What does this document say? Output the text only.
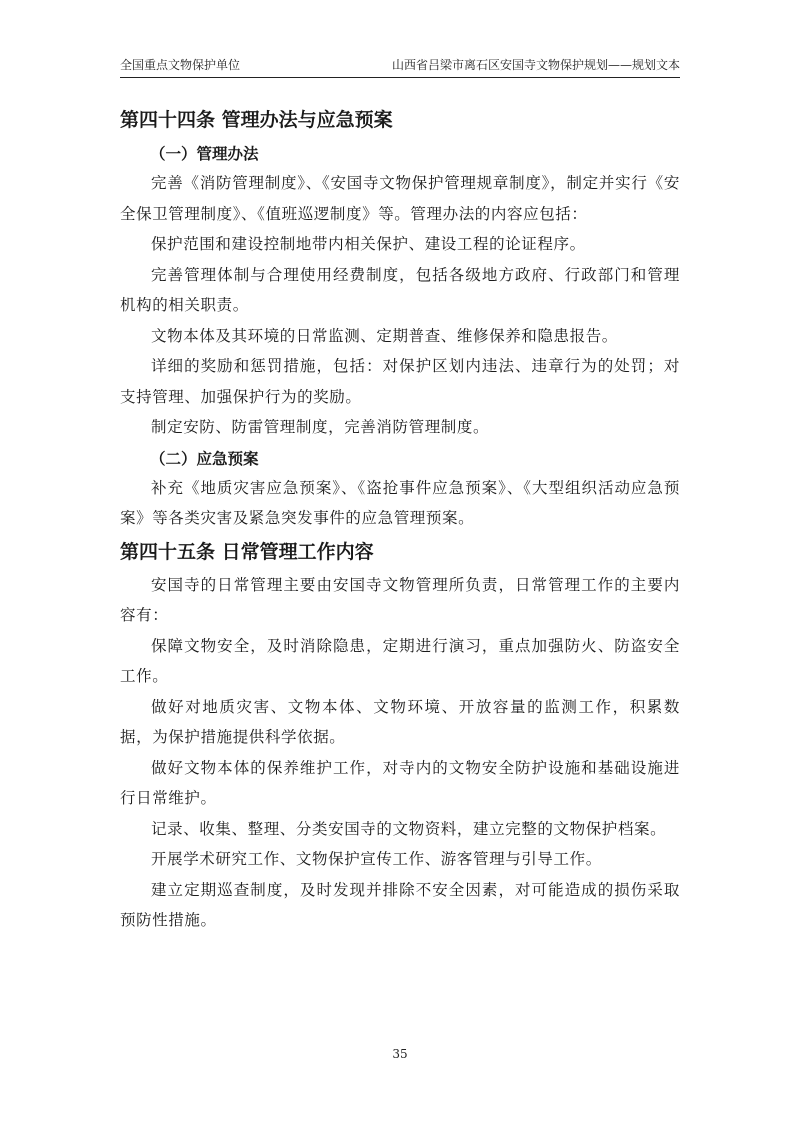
全国重点文物保护单位	山西省吕梁市离石区安国寺文物保护规划——规划文本
第四十四条 管理办法与应急预案
（一）管理办法

完善《消防管理制度》、《安国寺文物保护管理规章制度》，制定并实行《安全保卫管理制度》、《值班巡逻制度》等。管理办法的内容应包括：

保护范围和建设控制地带内相关保护、建设工程的论证程序。

完善管理体制与合理使用经费制度，包括各级地方政府、行政部门和管理机构的相关职责。

文物本体及其环境的日常监测、定期普查、维修保养和隐患报告。

详细的奖励和惩罚措施，包括：对保护区划内违法、违章行为的处罚；对支持管理、加强保护行为的奖励。

制定安防、防雷管理制度，完善消防管理制度。

（二）应急预案

补充《地质灾害应急预案》、《盗抢事件应急预案》、《大型组织活动应急预案》等各类灾害及紧急突发事件的应急管理预案。

第四十五条 日常管理工作内容

安国寺的日常管理主要由安国寺文物管理所负责，日常管理工作的主要内容有：

保障文物安全，及时消除隐患，定期进行演习，重点加强防火、防盗安全工作。

做好对地质灾害、文物本体、文物环境、开放容量的监测工作，积累数据，为保护措施提供科学依据。

做好文物本体的保养维护工作，对寺内的文物安全防护设施和基础设施进行日常维护。

记录、收集、整理、分类安国寺的文物资料，建立完整的文物保护档案。

开展学术研究工作、文物保护宣传工作、游客管理与引导工作。

建立定期巡查制度，及时发现并排除不安全因素，对可能造成的损伤采取预防性措施。

35
